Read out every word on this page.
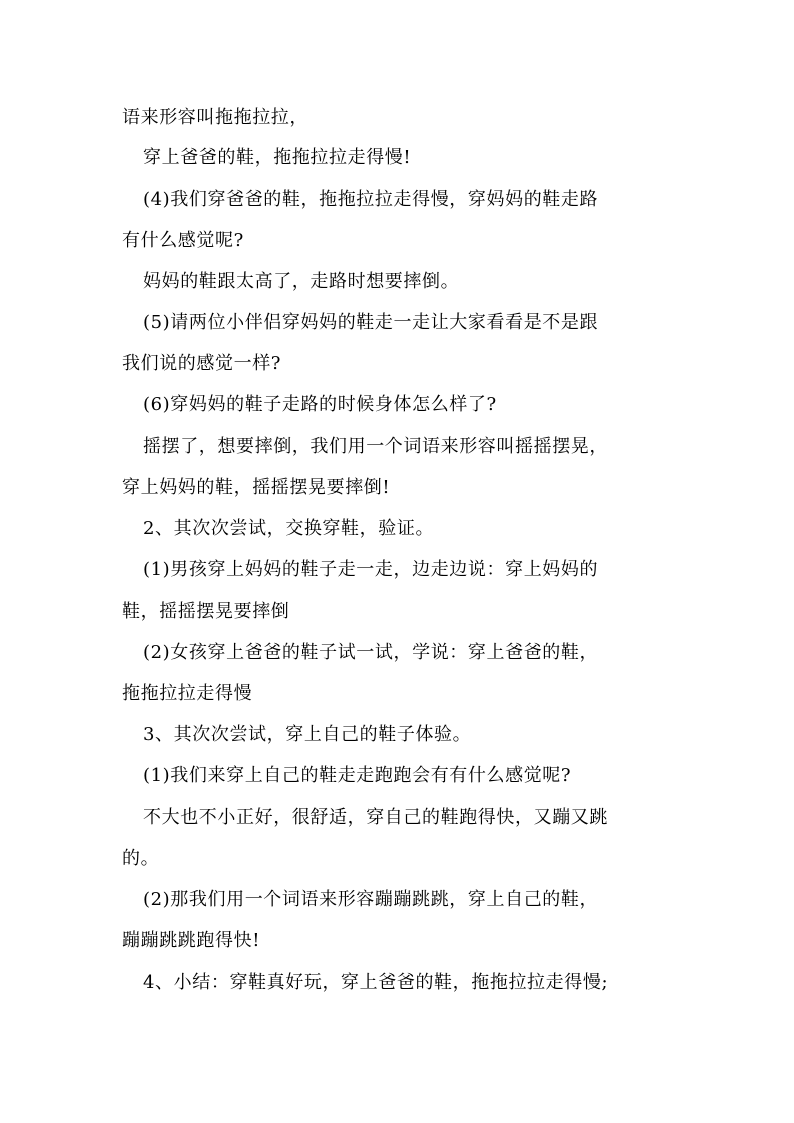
语来形容叫拖拖拉拉，
穿上爸爸的鞋，拖拖拉拉走得慢!
(4)我们穿爸爸的鞋，拖拖拉拉走得慢，穿妈妈的鞋走路
有什么感觉呢?
妈妈的鞋跟太高了，走路时想要摔倒。
(5)请两位小伴侣穿妈妈的鞋走一走让大家看看是不是跟
我们说的感觉一样?
(6)穿妈妈的鞋子走路的时候身体怎么样了?
摇摆了，想要摔倒，我们用一个词语来形容叫摇摇摆晃，
穿上妈妈的鞋，摇摇摆晃要摔倒!
2、其次次尝试，交换穿鞋，验证。
(1)男孩穿上妈妈的鞋子走一走，边走边说：穿上妈妈的
鞋，摇摇摆晃要摔倒
(2)女孩穿上爸爸的鞋子试一试，学说：穿上爸爸的鞋，
拖拖拉拉走得慢
3、其次次尝试，穿上自己的鞋子体验。
(1)我们来穿上自己的鞋走走跑跑会有有什么感觉呢?
不大也不小正好，很舒适，穿自己的鞋跑得快，又蹦又跳
的。
(2)那我们用一个词语来形容蹦蹦跳跳，穿上自己的鞋，
蹦蹦跳跳跑得快!
4、小结：穿鞋真好玩，穿上爸爸的鞋，拖拖拉拉走得慢;
